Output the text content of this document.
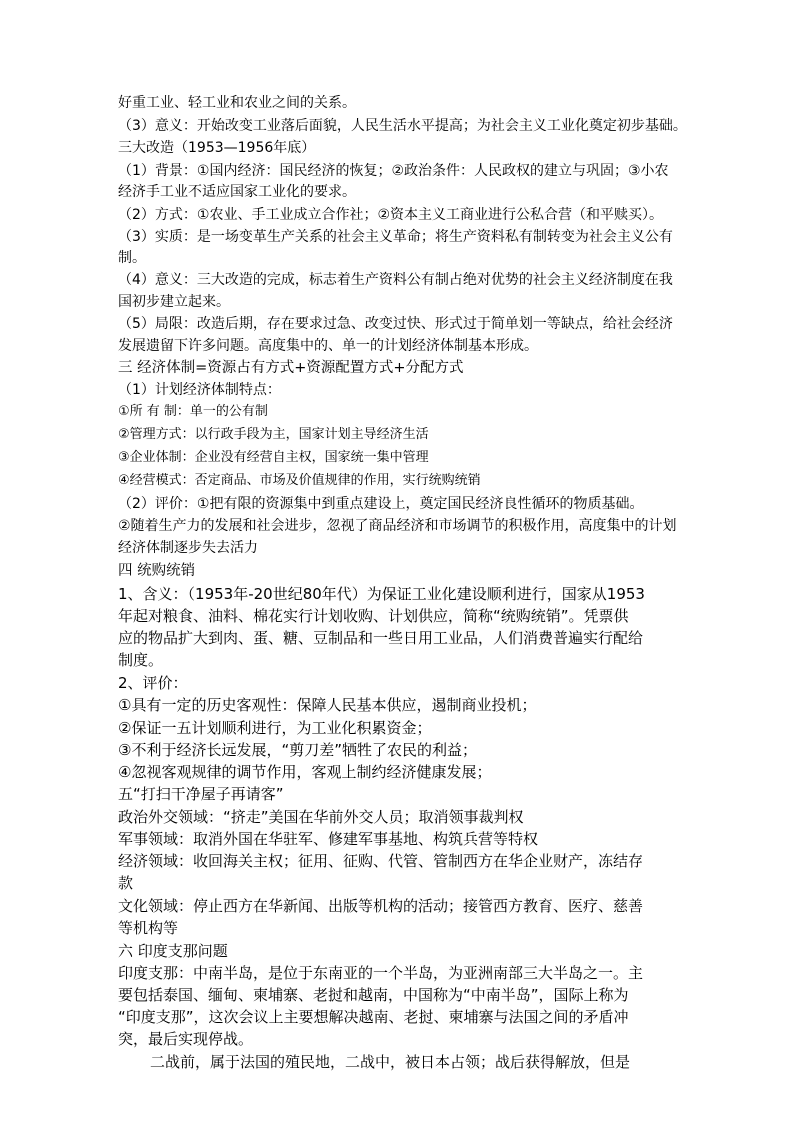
好重工业、轻工业和农业之间的关系。
（3）意义：开始改变工业落后面貌，人民生活水平提高；为社会主义工业化奠定初步基础。
三大改造（1953—1956年底）
（1）背景：①国内经济：国民经济的恢复；②政治条件：人民政权的建立与巩固；③小农
经济手工业不适应国家工业化的要求。
（2）方式：①农业、手工业成立合作社；②资本主义工商业进行公私合营（和平赎买）。
（3）实质：是一场变革生产关系的社会主义革命；将生产资料私有制转变为社会主义公有
制。
（4）意义：三大改造的完成，标志着生产资料公有制占绝对优势的社会主义经济制度在我
国初步建立起来。
（5）局限：改造后期，存在要求过急、改变过快、形式过于简单划一等缺点，给社会经济
发展遗留下许多问题。高度集中的、单一的计划经济体制基本形成。
三 经济体制=资源占有方式+资源配置方式+分配方式
（1）计划经济体制特点：
①所 有 制：单一的公有制
②管理方式：以行政手段为主，国家计划主导经济生活
③企业体制：企业没有经营自主权，国家统一集中管理
④经营模式：否定商品、市场及价值规律的作用，实行统购统销
（2）评价：①把有限的资源集中到重点建设上，奠定国民经济良性循环的物质基础。
②随着生产力的发展和社会进步，忽视了商品经济和市场调节的积极作用，高度集中的计划
经济体制逐步失去活力
四 统购统销
1、含义：（1953年-20世纪80年代）为保证工业化建设顺利进行，国家从1953
年起对粮食、油料、棉花实行计划收购、计划供应，简称“统购统销”。凭票供
应的物品扩大到肉、蛋、糖、豆制品和一些日用工业品，人们消费普遍实行配给
制度。
2、评价：
①具有一定的历史客观性：保障人民基本供应，遏制商业投机；
②保证一五计划顺利进行，为工业化积累资金；
③不利于经济长远发展，“剪刀差”牺牲了农民的利益；
④忽视客观规律的调节作用，客观上制约经济健康发展；
五“打扫干净屋子再请客”
政治外交领域：“挤走”美国在华前外交人员；取消领事裁判权
军事领域：取消外国在华驻军、修建军事基地、构筑兵营等特权
经济领域：收回海关主权；征用、征购、代管、管制西方在华企业财产，冻结存
款
文化领域：停止西方在华新闻、出版等机构的活动；接管西方教育、医疗、慈善
等机构等
六 印度支那问题
印度支那：中南半岛，是位于东南亚的一个半岛，为亚洲南部三大半岛之一。主
要包括泰国、缅甸、柬埔寨、老挝和越南，中国称为“中南半岛”，国际上称为
“印度支那”，这次会议上主要想解决越南、老挝、柬埔寨与法国之间的矛盾冲
突，最后实现停战。
二战前，属于法国的殖民地，二战中，被日本占领；战后获得解放，但是
